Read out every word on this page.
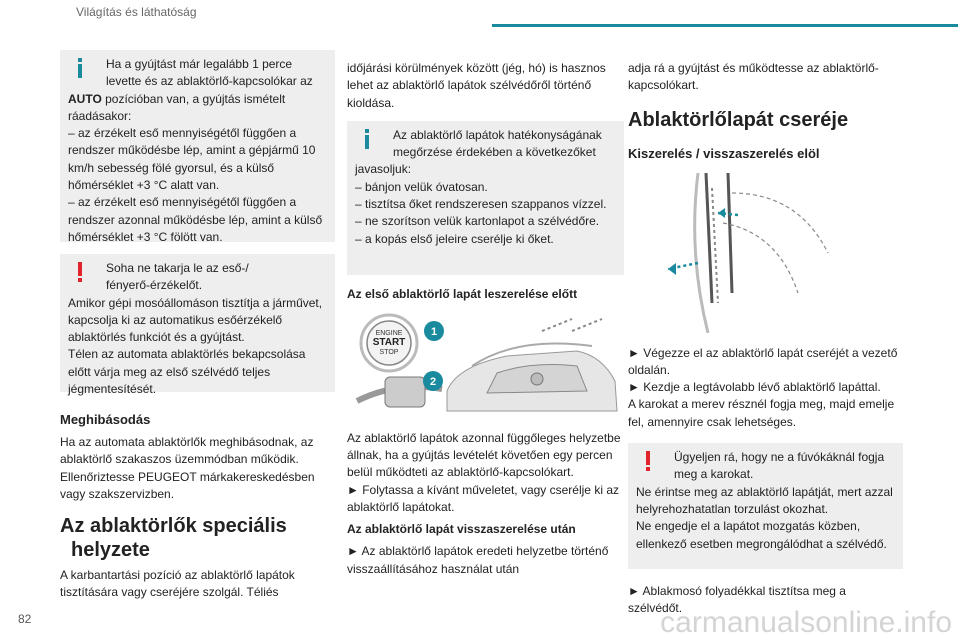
Világítás és láthatóság
Ha a gyújtást már legalább 1 perce
levette és az ablaktörlő-kapcsolókar az
AUTO pozícióban van, a gyújtás ismételt
ráadásakor:
– az érzékelt eső mennyiségétől függően a rendszer működésbe lép, amint a gépjármű 10 km/h sebesség fölé gyorsul, és a külső hőmérséklet +3 °C alatt van.
– az érzékelt eső mennyiségétől függően a rendszer azonnal működésbe lép, amint a külső hőmérséklet +3 °C fölött van.
Soha ne takarja le az eső-/
fényerő-érzékelőt.
Amikor gépi mosóállomáson tisztítja a járművet, kapcsolja ki az automatikus esőérzékelő ablaktörlés funkciót és a gyújtást.
Télen az automata ablaktörlés bekapcsolása előtt várja meg az első szélvédő teljes jégmentesítését.
Meghibásodás

Ha az automata ablaktörlők meghibásodnak, az ablaktörlő szakaszos üzemmódban működik. Ellenőriztesse PEUGEOT márkakereskedésben vagy szakszervizben.

Az ablaktörlők speciális
helyzete

A karbantartási pozíció az ablaktörlő lapátok tisztítására vagy cseréjére szolgál. Téliés

időjárási körülmények között (jég, hó) is hasznos lehet az ablaktörlő lapátok szélvédőről történő kioldása.

Az ablaktörlő lapátok hatékonyságának
megőrzése érdekében a következőket
javasoljuk:
– bánjon velük óvatosan.
– tisztítsa őket rendszeresen szappanos vízzel.
– ne szorítson velük kartonlapot a szélvédőre.
– a kopás első jeleire cserélje ki őket.
Az első ablaktörlő lapát leszerelése előtt
ENGINE
START
STOP
1
2

Az ablaktörlő lapátok azonnal függőleges helyzetbe állnak, ha a gyújtás levételét követően egy percen belül működteti az ablaktörlő-kapcsolókart.

► Folytassa a kívánt műveletet, vagy cserélje ki az ablaktörlő lapátokat.

Az ablaktörlő lapát visszaszerelése után

► Az ablaktörlő lapátok eredeti helyzetbe történő visszaállításához használat után

adja rá a gyújtást és működtesse az ablaktörlő-kapcsolókart.

Ablaktörlőlapát cseréje
Kiszerelés / visszaszerelés elöl

► Végezze el az ablaktörlő lapát cseréjét a vezető oldalán.

► Kezdje a legtávolabb lévő ablaktörlő lapáttal.

A karokat a merev résznél fogja meg, majd emelje fel, amennyire csak lehetséges.

Ügyeljen rá, hogy ne a fúvókáknál fogja
meg a karokat.
Ne érintse meg az ablaktörlő lapátját, mert azzal helyrehozhatatlan torzulást okozhat.
Ne engedje el a lapátot mozgatás közben, ellenkező esetben megrongálódhat a szélvédő.

► Ablakmosó folyadékkal tisztítsa meg a szélvédőt.

82	carmanualsonline.info
